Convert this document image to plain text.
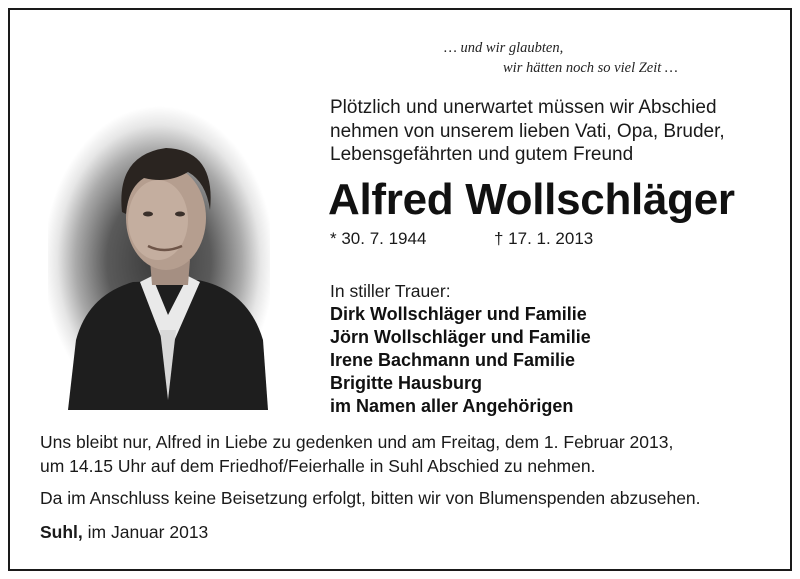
… und wir glaubten,
wir hätten noch so viel Zeit …
Plötzlich und unerwartet müssen wir Abschied
nehmen von unserem lieben Vati, Opa, Bruder,
Lebensgefährten und gutem Freund
Alfred Wollschläger
* 30. 7. 1944	† 17. 1. 2013
In stiller Trauer:
Dirk Wollschläger und Familie
Jörn Wollschläger und Familie
Irene Bachmann und Familie
Brigitte Hausburg
im Namen aller Angehörigen
Uns bleibt nur, Alfred in Liebe zu gedenken und am Freitag, dem 1. Februar 2013,
um 14.15 Uhr auf dem Friedhof/Feierhalle in Suhl Abschied zu nehmen.
Da im Anschluss keine Beisetzung erfolgt, bitten wir von Blumenspenden abzusehen.
Suhl, im Januar 2013
